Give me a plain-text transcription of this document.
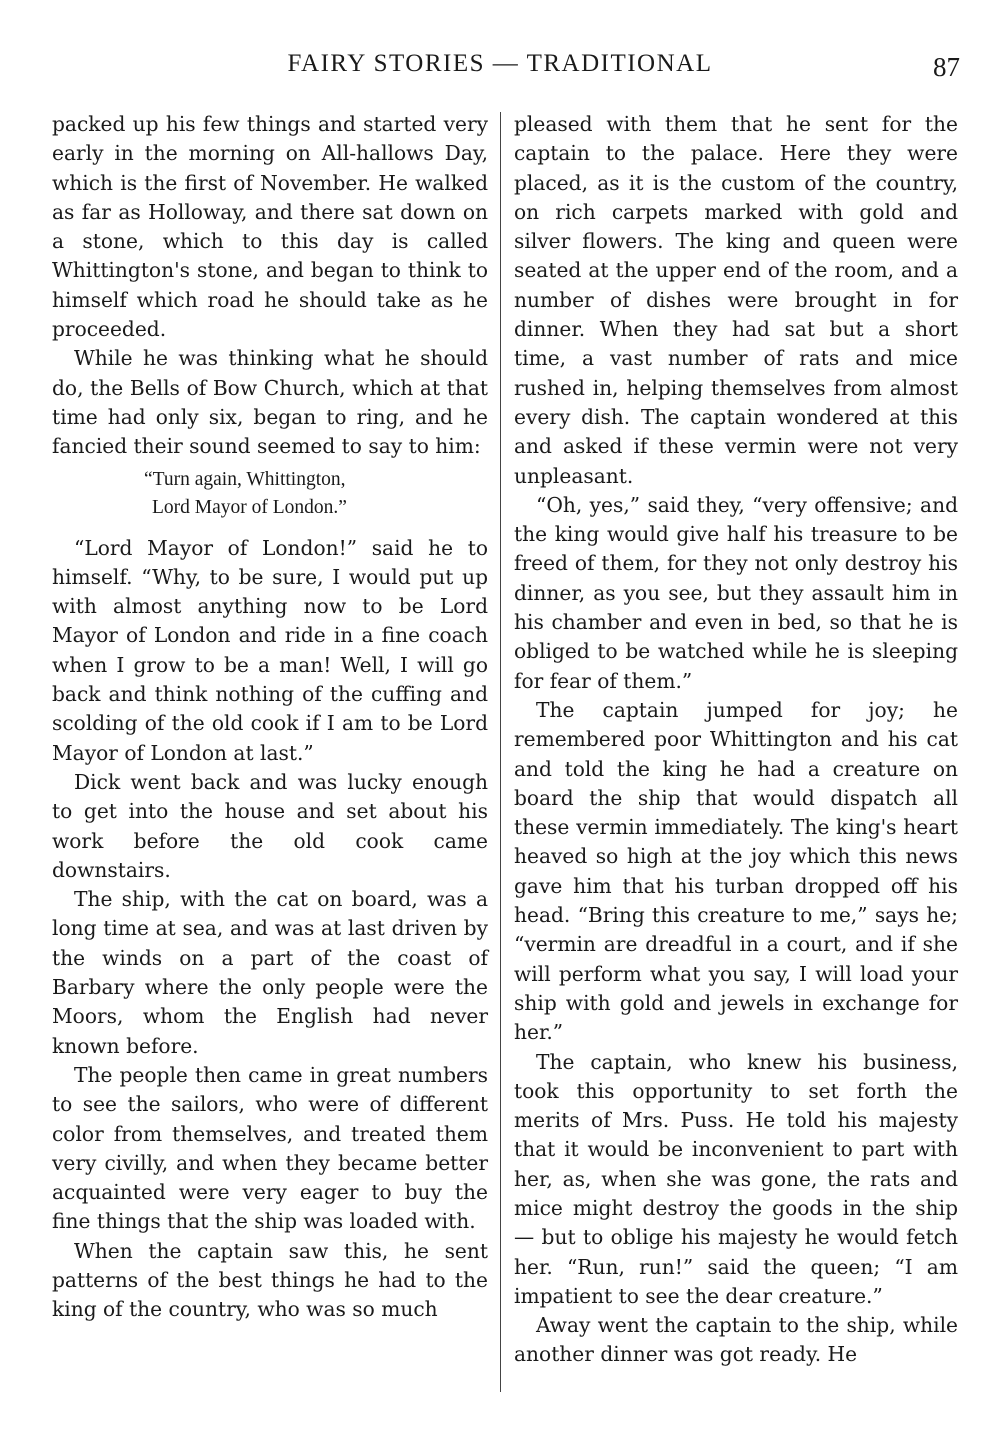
FAIRY STORIES — TRADITIONAL	87

packed up his few things and started very early in the morning on All-hallows Day, which is the first of November. He walked as far as Holloway, and there sat down on a stone, which to this day is called Whittington's stone, and began to think to himself which road he should take as he proceeded.

While he was thinking what he should do, the Bells of Bow Church, which at that time had only six, began to ring, and he fancied their sound seemed to say to him:

“Turn again, Whittington,
Lord Mayor of London.”

“Lord Mayor of London!” said he to himself. “Why, to be sure, I would put up with almost anything now to be Lord Mayor of London and ride in a fine coach when I grow to be a man! Well, I will go back and think nothing of the cuffing and scolding of the old cook if I am to be Lord Mayor of London at last.”

Dick went back and was lucky enough to get into the house and set about his work before the old cook came downstairs.

The ship, with the cat on board, was a long time at sea, and was at last driven by the winds on a part of the coast of Barbary where the only people were the Moors, whom the English had never known before.

The people then came in great numbers to see the sailors, who were of different color from themselves, and treated them very civilly, and when they became better acquainted were very eager to buy the fine things that the ship was loaded with.

When the captain saw this, he sent patterns of the best things he had to the king of the country, who was so much

pleased with them that he sent for the captain to the palace. Here they were placed, as it is the custom of the country, on rich carpets marked with gold and silver flowers. The king and queen were seated at the upper end of the room, and a number of dishes were brought in for dinner. When they had sat but a short time, a vast number of rats and mice rushed in, helping themselves from almost every dish. The captain wondered at this and asked if these vermin were not very unpleasant.

“Oh, yes,” said they, “very offensive; and the king would give half his treasure to be freed of them, for they not only destroy his dinner, as you see, but they assault him in his chamber and even in bed, so that he is obliged to be watched while he is sleeping for fear of them.”

The captain jumped for joy; he remembered poor Whittington and his cat and told the king he had a creature on board the ship that would dispatch all these vermin immediately. The king's heart heaved so high at the joy which this news gave him that his turban dropped off his head. “Bring this creature to me,” says he; “vermin are dreadful in a court, and if she will perform what you say, I will load your ship with gold and jewels in exchange for her.”

The captain, who knew his business, took this opportunity to set forth the merits of Mrs. Puss. He told his majesty that it would be inconvenient to part with her, as, when she was gone, the rats and mice might destroy the goods in the ship — but to oblige his majesty he would fetch her. “Run, run!” said the queen; “I am impatient to see the dear creature.”

Away went the captain to the ship, while another dinner was got ready. He
